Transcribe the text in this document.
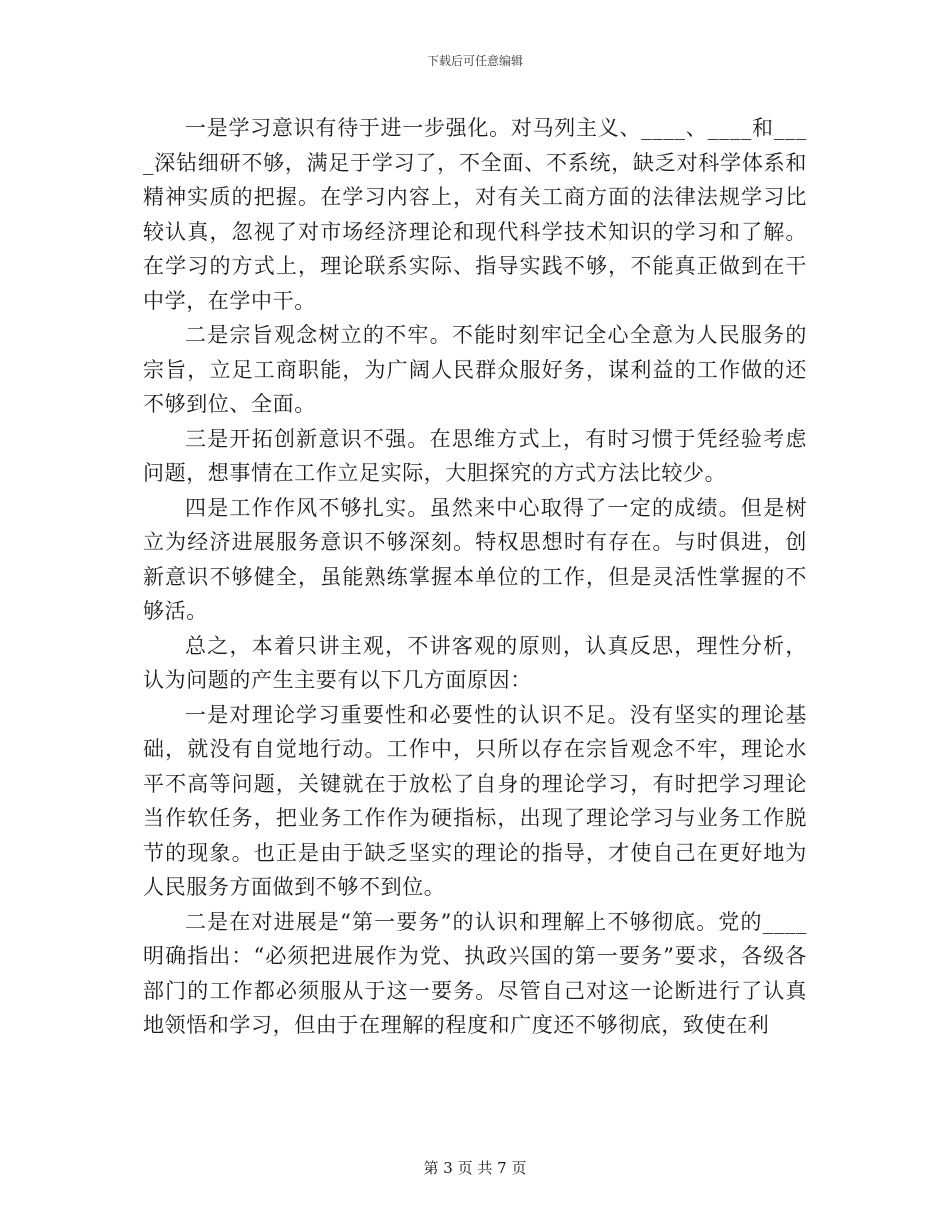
下载后可任意编辑

一是学习意识有待于进一步强化。对马列主义、____、____和____深钻细研不够，满足于学习了，不全面、不系统，缺乏对科学体系和精神实质的把握。在学习内容上，对有关工商方面的法律法规学习比较认真，忽视了对市场经济理论和现代科学技术知识的学习和了解。在学习的方式上，理论联系实际、指导实践不够，不能真正做到在干中学，在学中干。

二是宗旨观念树立的不牢。不能时刻牢记全心全意为人民服务的宗旨，立足工商职能，为广阔人民群众服好务，谋利益的工作做的还不够到位、全面。

三是开拓创新意识不强。在思维方式上，有时习惯于凭经验考虑问题，想事情在工作立足实际，大胆探究的方式方法比较少。

四是工作作风不够扎实。虽然来中心取得了一定的成绩。但是树立为经济进展服务意识不够深刻。特权思想时有存在。与时俱进，创新意识不够健全，虽能熟练掌握本单位的工作，但是灵活性掌握的不够活。

总之，本着只讲主观，不讲客观的原则，认真反思，理性分析，认为问题的产生主要有以下几方面原因：

一是对理论学习重要性和必要性的认识不足。没有坚实的理论基础，就没有自觉地行动。工作中，只所以存在宗旨观念不牢，理论水平不高等问题，关键就在于放松了自身的理论学习，有时把学习理论当作软任务，把业务工作作为硬指标，出现了理论学习与业务工作脱节的现象。也正是由于缺乏坚实的理论的指导，才使自己在更好地为人民服务方面做到不够不到位。

二是在对进展是“第一要务”的认识和理解上不够彻底。党的____明确指出：“必须把进展作为党、执政兴国的第一要务”要求，各级各部门的工作都必须服从于这一要务。尽管自己对这一论断进行了认真地领悟和学习，但由于在理解的程度和广度还不够彻底，致使在利

第 3 页 共 7 页
